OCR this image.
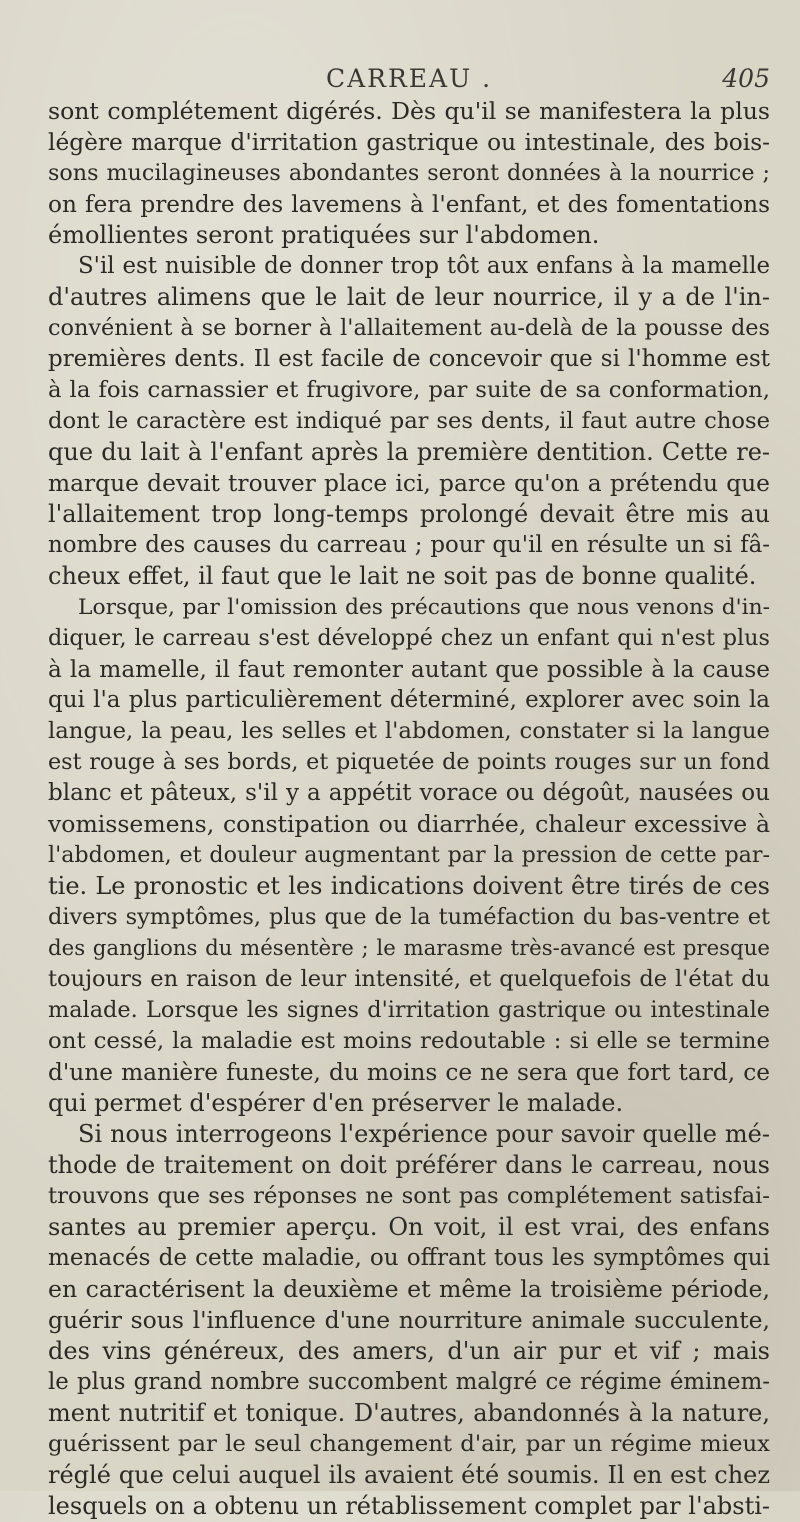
CARREAU .	405
sont complétement digérés. Dès qu'il se manifestera la plus
légère marque d'irritation gastrique ou intestinale, des bois-
sons mucilagineuses abondantes seront données à la nourrice ;
on fera prendre des lavemens à l'enfant, et des fomentations
émollientes seront pratiquées sur l'abdomen.
S'il est nuisible de donner trop tôt aux enfans à la mamelle
d'autres alimens que le lait de leur nourrice, il y a de l'in-
convénient à se borner à l'allaitement au-delà de la pousse des
premières dents. Il est facile de concevoir que si l'homme est
à la fois carnassier et frugivore, par suite de sa conformation,
dont le caractère est indiqué par ses dents, il faut autre chose
que du lait à l'enfant après la première dentition. Cette re-
marque devait trouver place ici, parce qu'on a prétendu que
l'allaitement trop long-temps prolongé devait être mis au
nombre des causes du carreau ; pour qu'il en résulte un si fâ-
cheux effet, il faut que le lait ne soit pas de bonne qualité.
Lorsque, par l'omission des précautions que nous venons d'in-
diquer, le carreau s'est développé chez un enfant qui n'est plus
à la mamelle, il faut remonter autant que possible à la cause
qui l'a plus particulièrement déterminé, explorer avec soin la
langue, la peau, les selles et l'abdomen, constater si la langue
est rouge à ses bords, et piquetée de points rouges sur un fond
blanc et pâteux, s'il y a appétit vorace ou dégoût, nausées ou
vomissemens, constipation ou diarrhée, chaleur excessive à
l'abdomen, et douleur augmentant par la pression de cette par-
tie. Le pronostic et les indications doivent être tirés de ces
divers symptômes, plus que de la tuméfaction du bas-ventre et
des ganglions du mésentère ; le marasme très-avancé est presque
toujours en raison de leur intensité, et quelquefois de l'état du
malade. Lorsque les signes d'irritation gastrique ou intestinale
ont cessé, la maladie est moins redoutable : si elle se termine
d'une manière funeste, du moins ce ne sera que fort tard, ce
qui permet d'espérer d'en préserver le malade.
Si nous interrogeons l'expérience pour savoir quelle mé-
thode de traitement on doit préférer dans le carreau, nous
trouvons que ses réponses ne sont pas complétement satisfai-
santes au premier aperçu. On voit, il est vrai, des enfans
menacés de cette maladie, ou offrant tous les symptômes qui
en caractérisent la deuxième et même la troisième période,
guérir sous l'influence d'une nourriture animale succulente,
des vins généreux, des amers, d'un air pur et vif ; mais
le plus grand nombre succombent malgré ce régime éminem-
ment nutritif et tonique. D'autres, abandonnés à la nature,
guérissent par le seul changement d'air, par un régime mieux
réglé que celui auquel ils avaient été soumis. Il en est chez
lesquels on a obtenu un rétablissement complet par l'absti-
